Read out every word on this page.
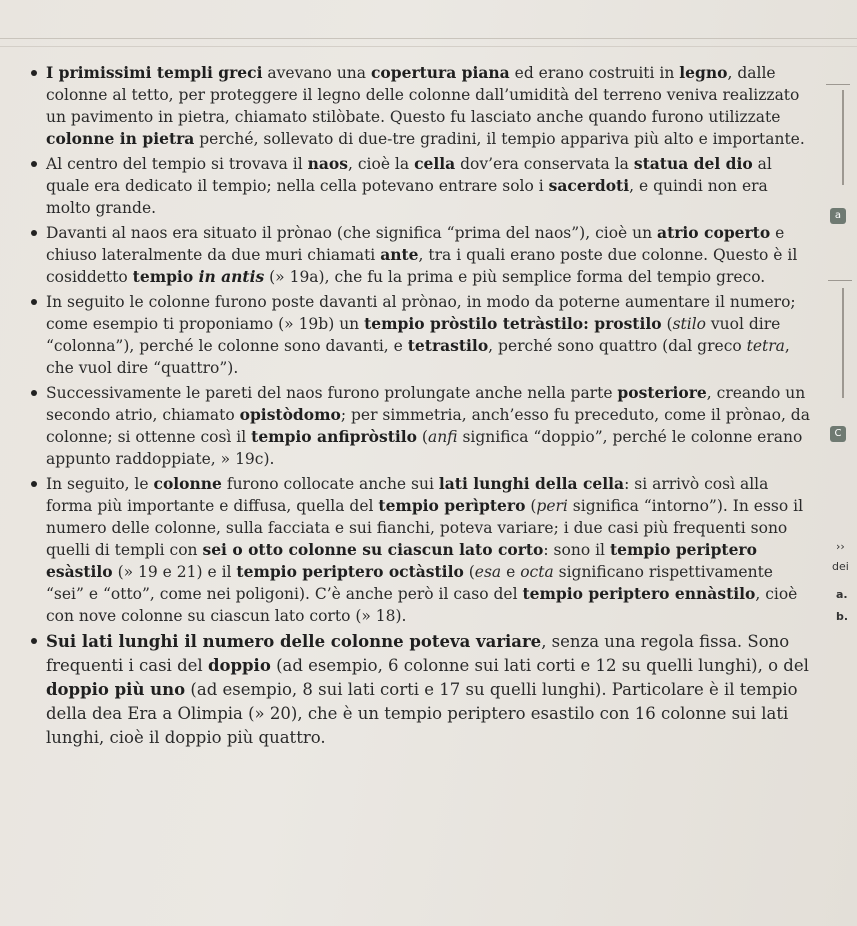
I primissimi templi greci avevano una copertura piana ed erano costruiti in legno, dalle colonne al tetto, per proteggere il legno delle colonne dall’umidità del terreno veniva realizzato un pavimento in pietra, chiamato stilòbate. Questo fu lasciato anche quando furono utilizzate colonne in pietra perché, sollevato di due-tre gradini, il tempio appariva più alto e importante.
Al centro del tempio si trovava il naos, cioè la cella dov’era conservata la statua del dio al quale era dedicato il tempio; nella cella potevano entrare solo i sacerdoti, e quindi non era molto grande.
Davanti al naos era situato il prònao (che significa “prima del naos”), cioè un atrio coperto e chiuso lateralmente da due muri chiamati ante, tra i quali erano poste due colonne. Questo è il cosiddetto tempio in antis (» 19a), che fu la prima e più semplice forma del tempio greco.
In seguito le colonne furono poste davanti al prònao, in modo da poterne aumentare il numero; come esempio ti proponiamo (» 19b) un tempio pròstilo tetràstilo: prostilo (stilo vuol dire “colonna”), perché le colonne sono davanti, e tetrastilo, perché sono quattro (dal greco tetra, che vuol dire “quattro”).
Successivamente le pareti del naos furono prolungate anche nella parte posteriore, creando un secondo atrio, chiamato opistòdomo; per simmetria, anch’esso fu preceduto, come il prònao, da colonne; si ottenne così il tempio anfipròstilo (anfi significa “doppio”, perché le colonne erano appunto raddoppiate, » 19c).
In seguito, le colonne furono collocate anche sui lati lunghi della cella: si arrivò così alla forma più importante e diffusa, quella del tempio perìptero (peri significa “intorno”). In esso il numero delle colonne, sulla facciata e sui fianchi, poteva variare; i due casi più frequenti sono quelli di templi con sei o otto colonne su ciascun lato corto: sono il tempio periptero esàstilo (» 19 e 21) e il tempio periptero octàstilo (esa e octa significano rispettivamente “sei” e “otto”, come nei poligoni). C’è anche però il caso del tempio periptero ennàstilo, cioè con nove colonne su ciascun lato corto (» 18).
Sui lati lunghi il numero delle colonne poteva variare, senza una regola fissa. Sono frequenti i casi del doppio (ad esempio, 6 colonne sui lati corti e 12 su quelli lunghi), o del doppio più uno (ad esempio, 8 sui lati corti e 17 su quelli lunghi). Particolare è il tempio della dea Era a Olimpia (» 20), che è un tempio periptero esastilo con 16 colonne sui lati lunghi, cioè il doppio più quattro.
a
C
››
dei
a.
b.
